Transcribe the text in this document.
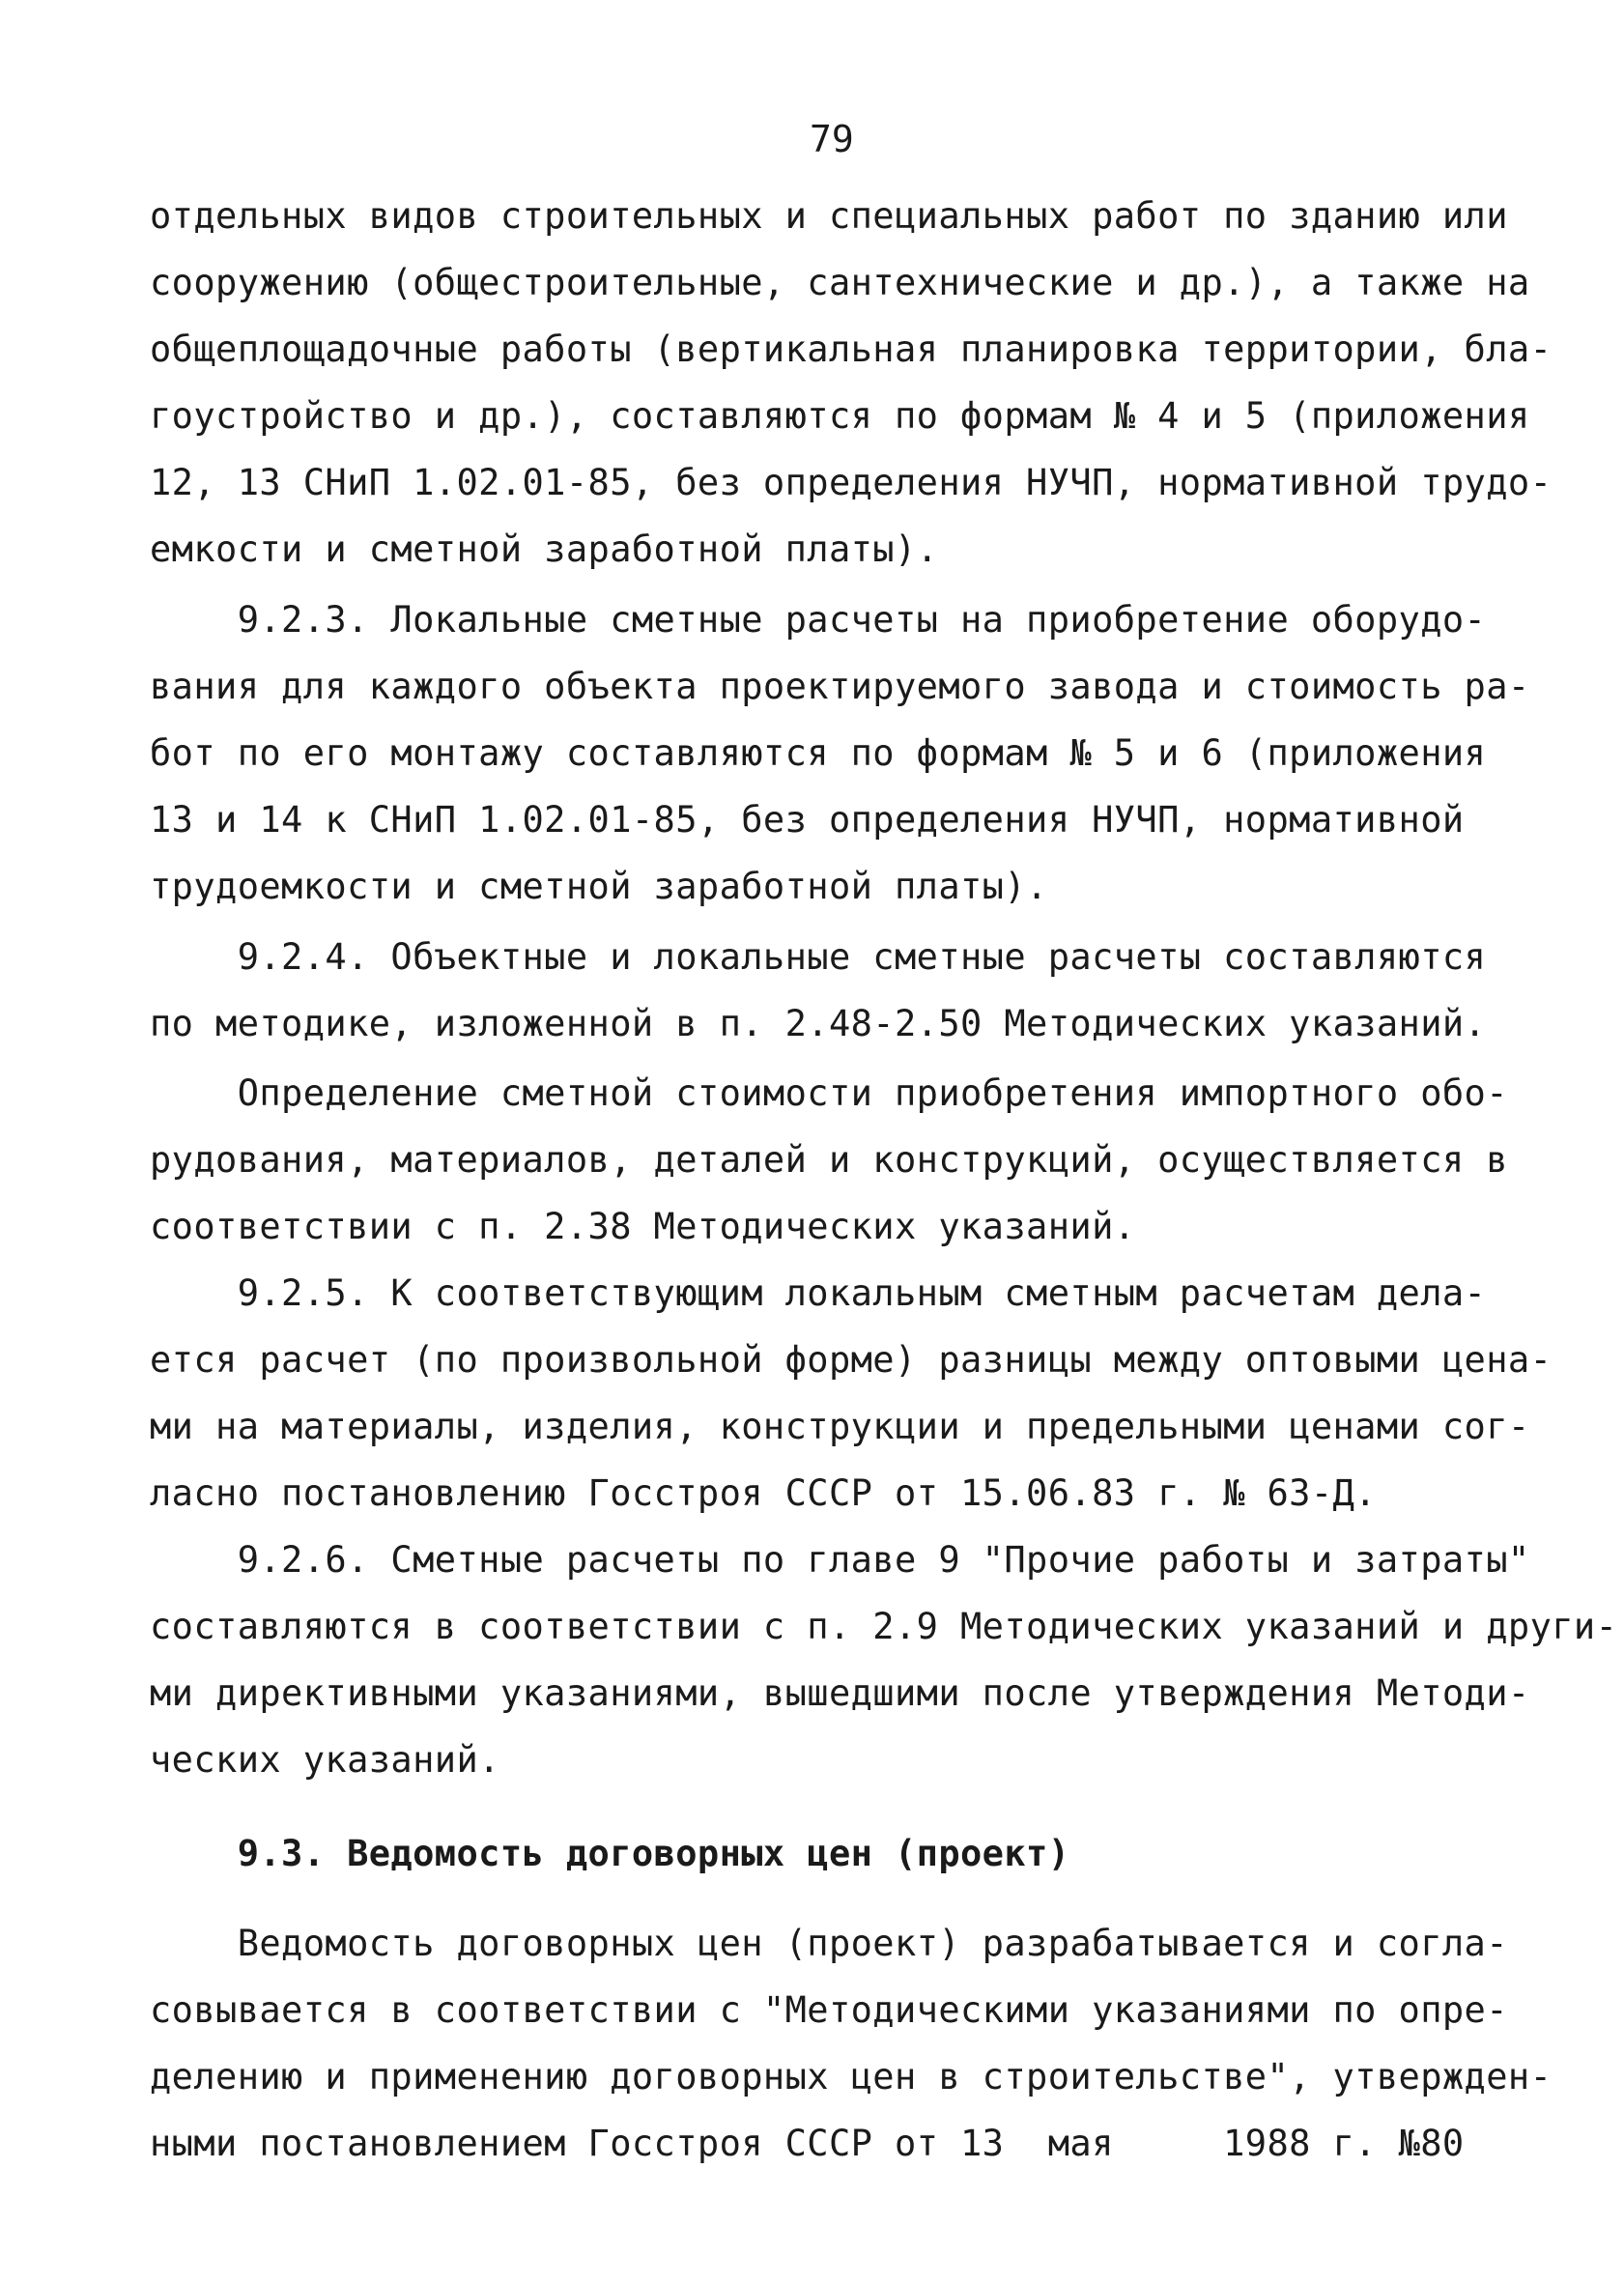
79
отдельных видов строительных и специальных работ по зданию или
сооружению (общестроительные, сантехнические и др.), а также на
общеплощадочные работы (вертикальная планировка территории, бла-
гоустройство и др.), составляются по формам № 4 и 5 (приложения
12, 13 СНиП 1.02.01-85, без определения НУЧП, нормативной трудо-
емкости и сметной заработной платы).
9.2.3. Локальные сметные расчеты на приобретение оборудо-
вания для каждого объекта проектируемого завода и стоимость ра-
бот по его монтажу составляются по формам № 5 и 6 (приложения
13 и 14 к СНиП 1.02.01-85, без определения НУЧП, нормативной
трудоемкости и сметной заработной платы).
9.2.4. Объектные и локальные сметные расчеты составляются
по методике, изложенной в п. 2.48-2.50 Методических указаний.
Определение сметной стоимости приобретения импортного обо-
рудования, материалов, деталей и конструкций, осуществляется в
соответствии с п. 2.38 Методических указаний.
9.2.5. К соответствующим локальным сметным расчетам дела-
ется расчет (по произвольной форме) разницы между оптовыми цена-
ми на материалы, изделия, конструкции и предельными ценами сог-
ласно постановлению Госстроя СССР от 15.06.83 г. № 63-Д.
9.2.6. Сметные расчеты по главе 9 "Прочие работы и затраты"
составляются в соответствии с п. 2.9 Методических указаний и други-
ми директивными указаниями, вышедшими после утверждения Методи-
ческих указаний.
9.3. Ведомость договорных цен (проект)
Ведомость договорных цен (проект) разрабатывается и согла-
совывается в соответствии с "Методическими указаниями по опре-
делению и применению договорных цен в строительстве", утвержден-
ными постановлением Госстроя СССР от 13  мая     1988 г. №80
